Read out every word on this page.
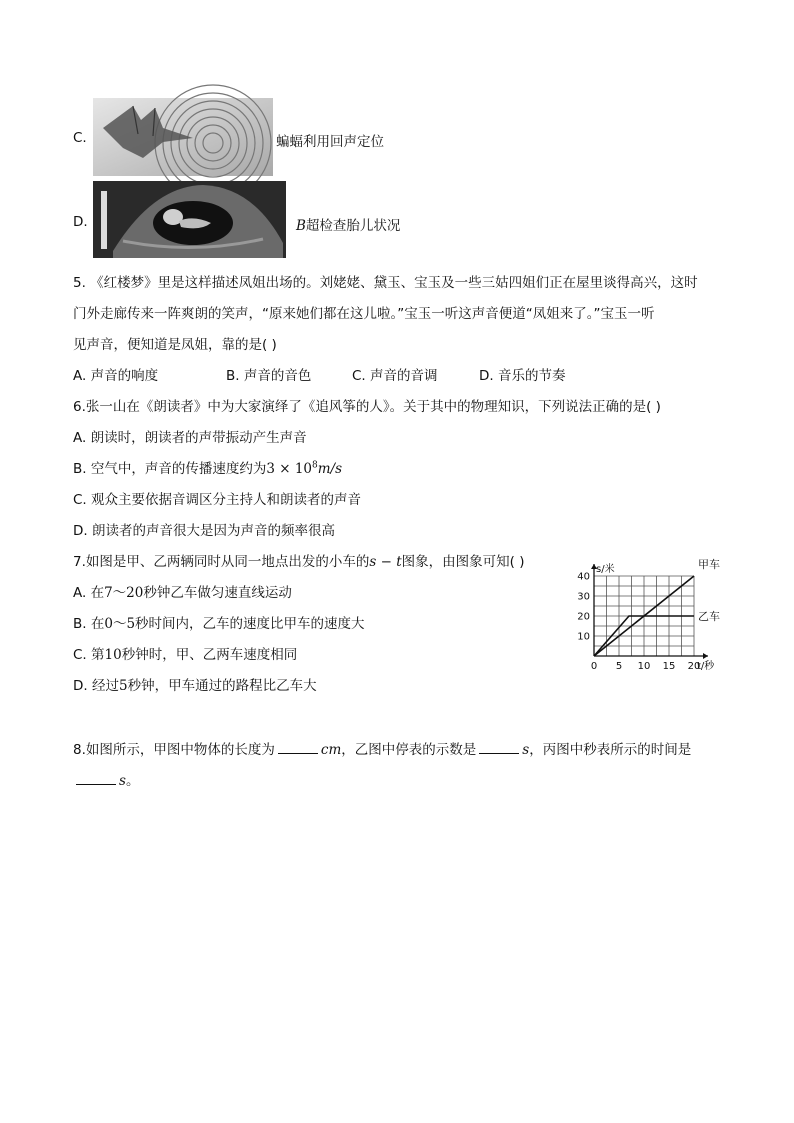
C.	蝙蝠利用回声定位
D.	B超检查胎儿状况
5. 《红楼梦》里是这样描述凤姐出场的。刘姥姥、黛玉、宝玉及一些三姑四姐们正在屋里谈得高兴，这时
门外走廊传来一阵爽朗的笑声，“原来她们都在这儿啦。”宝玉一听这声音便道“凤姐来了。”宝玉一听
见声音，便知道是凤姐，靠的是( )
A. 声音的响度	B. 声音的音色	C. 声音的音调	D. 音乐的节奏
6.张一山在《朗读者》中为大家演绎了《追风筝的人》。关于其中的物理知识，下列说法正确的是( )
A. 朗读时，朗读者的声带振动产生声音
B. 空气中，声音的传播速度约为$3 \times 10^8m/s$
C. 观众主要依据音调区分主持人和朗读者的声音
D. 朗读者的声音很大是因为声音的频率很高
7.如图是甲、乙两辆同时从同一地点出发的小车的s − t图象，由图象可知( )
A. 在7～20秒钟乙车做匀速直线运动
B. 在0～5秒时间内，乙车的速度比甲车的速度大
C. 第10秒钟时，甲、乙两车速度相同
D. 经过5秒钟，甲车通过的路程比乙车大
0 5 10 15 20
10
20
30
40
s/米
t/秒
甲车
乙车
8.如图所示，甲图中物体的长度为	cm，乙图中停表的示数是	s，丙图中秒表所示的时间是
s。
